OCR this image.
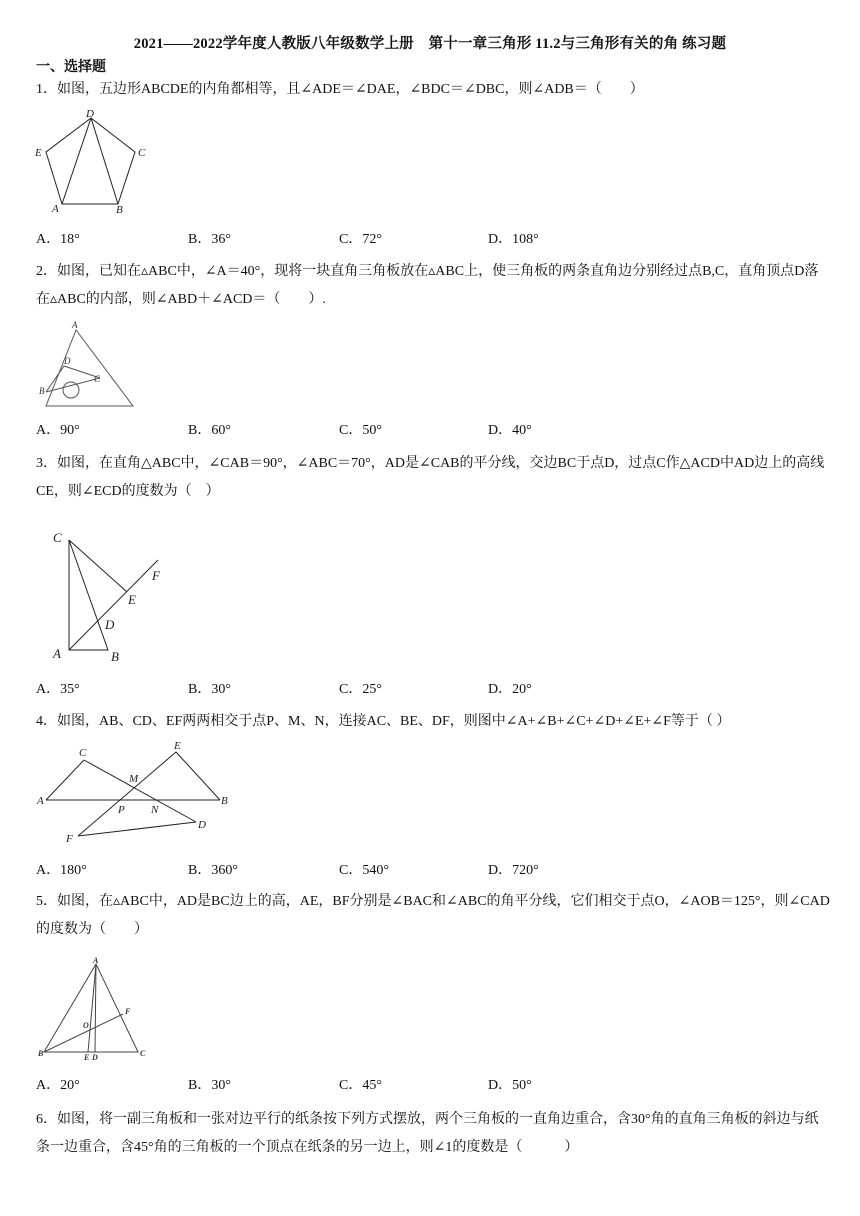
2021——2022学年度人教版八年级数学上册　第十一章三角形 11.2与三角形有关的角 练习题
一、选择题
1．如图，五边形ABCDE的内角都相等，且∠ADE＝∠DAE，∠BDC＝∠DBC，则∠ADB＝（　　）
D
E	C
A	B
A．18°	B．36°	C．72°	D．108°
2．如图，已知在▵ABC中，∠A＝40°，现将一块直角三角板放在▵ABC上，使三角板的两条直角边分别经过点B,C，直角顶点D落在▵ABC的内部，则∠ABD＋∠ACD＝（　　）.
A
D
B
C
A．90°	B．60°	C．50°	D．40°
3．如图，在直角△ABC中，∠CAB＝90°，∠ABC＝70°，AD是∠CAB的平分线，交边BC于点D，过点C作△ACD中AD边上的高线CE，则∠ECD的度数为（　）
C
F
E
D
A	B
A．35°	B．30°	C．25°	D．20°
4．如图，AB、CD、EF两两相交于点P、M、N，连接AC、BE、DF，则图中∠A+∠B+∠C+∠D+∠E+∠F等于（ ）
C
E
M
A	B
P N
D
F
A．180°	B．360°	C．540°	D．720°
5．如图，在▵ABC中，AD是BC边上的高，AE，BF分别是∠BAC和∠ABC的角平分线，它们相交于点O，∠AOB＝125°，则∠CAD的度数为（　　）
A
F
O
B	E D	C
A．20°	B．30°	C．45°	D．50°
6．如图，将一副三角板和一张对边平行的纸条按下列方式摆放，两个三角板的一直角边重合，含30°角的直角三角板的斜边与纸条一边重合，含45°角的三角板的一个顶点在纸条的另一边上，则∠1的度数是（　　　）
